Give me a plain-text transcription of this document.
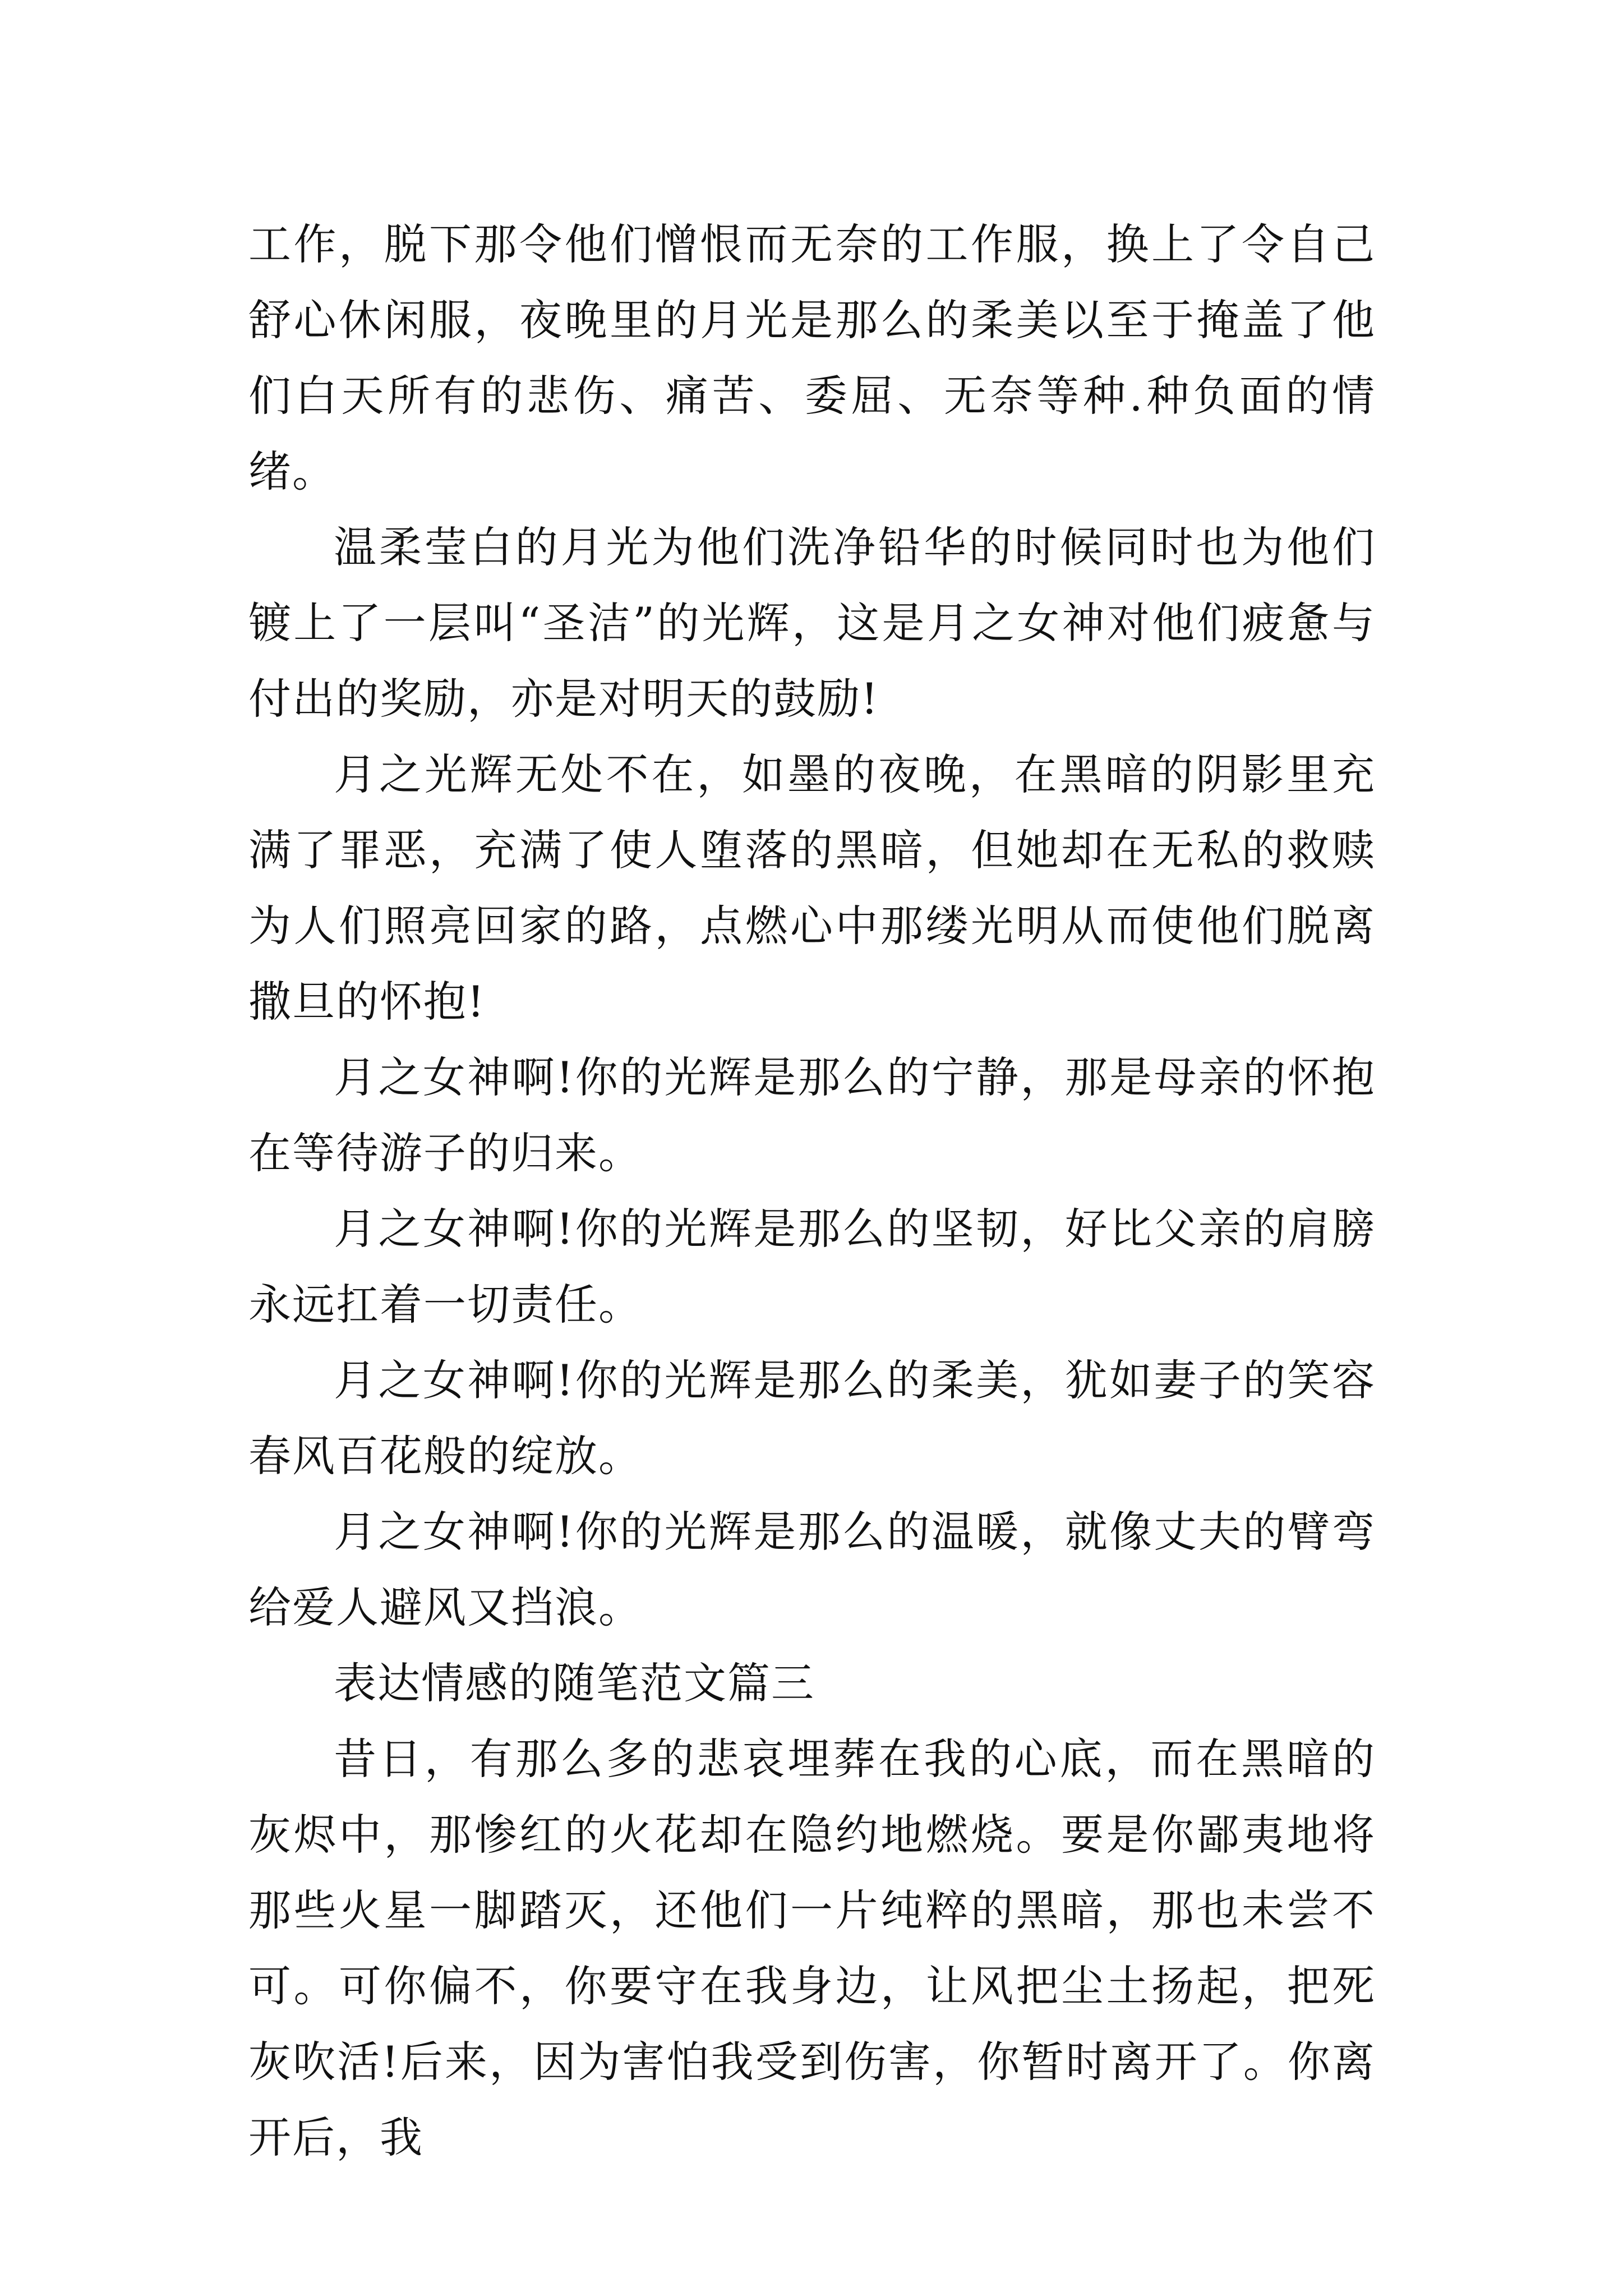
工作，脱下那令他们憎恨而无奈的工作服，换上了令自己舒心休闲服，夜晚里的月光是那么的柔美以至于掩盖了他们白天所有的悲伤、痛苦、委屈、无奈等种.种负面的情绪。

温柔莹白的月光为他们洗净铅华的时候同时也为他们镀上了一层叫“圣洁”的光辉，这是月之女神对他们疲惫与付出的奖励，亦是对明天的鼓励!

月之光辉无处不在，如墨的夜晚，在黑暗的阴影里充满了罪恶，充满了使人堕落的黑暗，但她却在无私的救赎为人们照亮回家的路，点燃心中那缕光明从而使他们脱离撒旦的怀抱!

月之女神啊!你的光辉是那么的宁静，那是母亲的怀抱在等待游子的归来。

月之女神啊!你的光辉是那么的坚韧，好比父亲的肩膀永远扛着一切责任。

月之女神啊!你的光辉是那么的柔美，犹如妻子的笑容春风百花般的绽放。

月之女神啊!你的光辉是那么的温暖，就像丈夫的臂弯给爱人避风又挡浪。

表达情感的随笔范文篇三

昔日，有那么多的悲哀埋葬在我的心底，而在黑暗的灰烬中，那惨红的火花却在隐约地燃烧。要是你鄙夷地将那些火星一脚踏灭，还他们一片纯粹的黑暗，那也未尝不可。可你偏不，你要守在我身边，让风把尘土扬起，把死灰吹活!后来，因为害怕我受到伤害，你暂时离开了。你离开后，我
